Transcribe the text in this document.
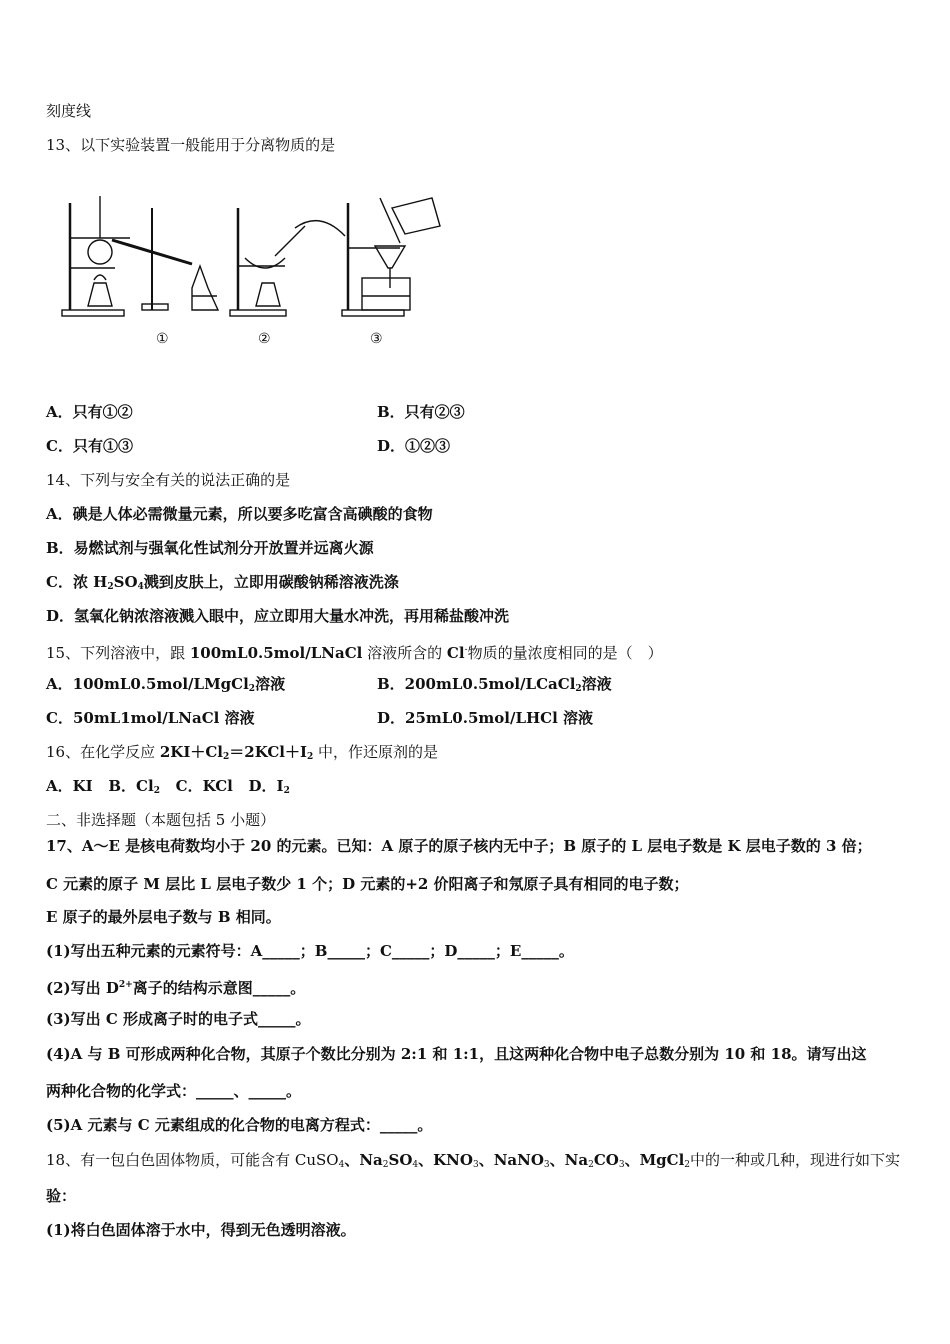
刻度线
13、以下实验装置一般能用于分离物质的是
①	②	③
A．只有①②	B．只有②③
C．只有①③	D．①②③
14、下列与安全有关的说法正确的是
A．碘是人体必需微量元素，所以要多吃富含高碘酸的食物
B．易燃试剂与强氧化性试剂分开放置并远离火源
C．浓 $H_2SO_4$溅到皮肤上，立即用碳酸钠稀溶液洗涤
D．氢氧化钠浓溶液溅入眼中，应立即用大量水冲洗，再用稀盐酸冲洗
15、下列溶液中，跟 100mL0.5mol/LNaCl 溶液所含的 Cl-物质的量浓度相同的是（　）
A．100mL0.5mol/LMgCl$_2$溶液	B．200mL0.5mol/LCaCl$_2$溶液
C．50mL1mol/LNaCl 溶液	D．25mL0.5mol/LHCl 溶液
16、在化学反应 $2KI+Cl_2=2KCl+I_2$ 中，作还原剂的是
A．KI B．$Cl_2$ C．KCl D．$I_2$
二、非选择题（本题包括 5 小题）
17、A～E 是核电荷数均小于 20 的元素。已知：A 原子的原子核内无中子；B 原子的 L 层电子数是 K 层电子数的 3 倍；
C 元素的原子 M 层比 L 层电子数少 1 个；D 元素的+2 价阳离子和氖原子具有相同的电子数；
E 原子的最外层电子数与 B 相同。
(1)写出五种元素的元素符号：A_____；B_____；C_____；D_____；E_____。
(2)写出 $D^{2+}$离子的结构示意图_____。
(3)写出 C 形成离子时的电子式_____。
(4)A 与 B 可形成两种化合物，其原子个数比分别为 2:1 和 1:1，且这两种化合物中电子总数分别为 10 和 18。请写出这
两种化合物的化学式：_____、_____。
(5)A 元素与 C 元素组成的化合物的电离方程式：_____。
18、有一包白色固体物质，可能含有 CuSO$_4$、$Na_2SO_4$、$KNO_3$、NaNO$_3$、$Na_2CO_3$、MgCl$_2$中的一种或几种，现进行如下实
验：
(1)将白色固体溶于水中，得到无色透明溶液。
